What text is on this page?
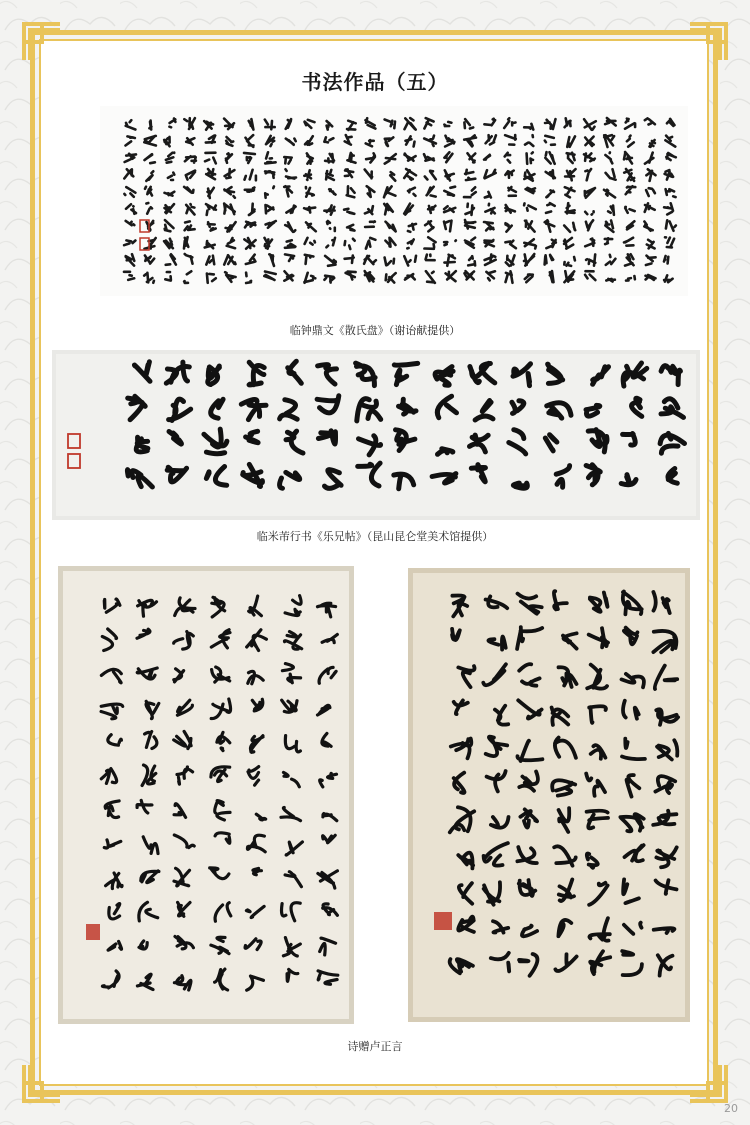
书法作品（五）
临钟鼎文《散氏盘》（谢诒献提供）
临米芾行书《乐兄帖》（昆山昆仑堂美术馆提供）
诗赠卢正言
20
